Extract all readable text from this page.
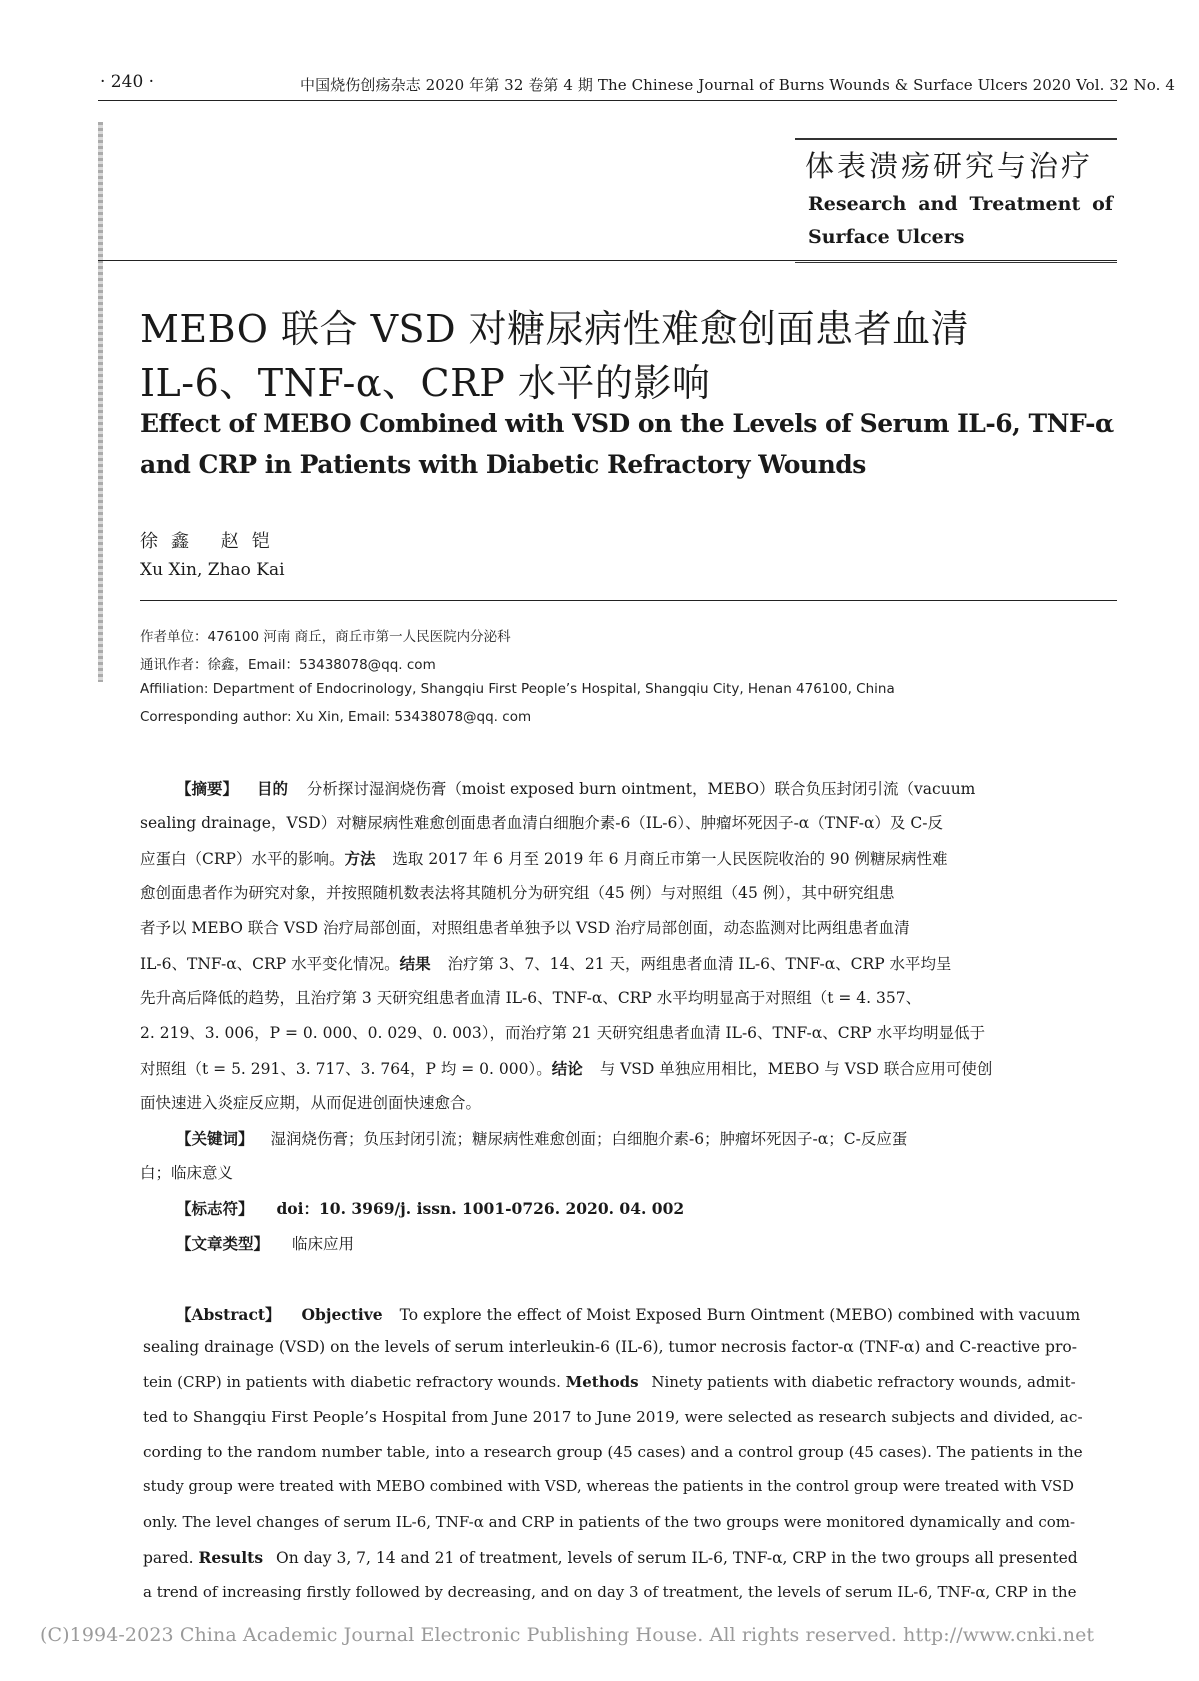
· 240 ·	中国烧伤创疡杂志 2020 年第 32 卷第 4 期 The Chinese Journal of Burns Wounds & Surface Ulcers 2020 Vol. 32 No. 4
体表溃疡研究与治疗
Research and Treatment of
Surface Ulcers
MEBO 联合 VSD 对糖尿病性难愈创面患者血清
IL-6、TNF-α、CRP 水平的影响
Effect of MEBO Combined with VSD on the Levels of Serum IL-6, TNF-α
and CRP in Patients with Diabetic Refractory Wounds
徐鑫 赵铠
Xu Xin, Zhao Kai
作者单位：476100 河南 商丘，商丘市第一人民医院内分泌科
通讯作者：徐鑫，Email：53438078@qq. com
Affiliation: Department of Endocrinology, Shangqiu First People’s Hospital, Shangqiu City, Henan 476100, China
Corresponding author: Xu Xin, Email: 53438078@qq. com
【摘要】 目的 分析探讨湿润烧伤膏（moist exposed burn ointment，MEBO）联合负压封闭引流（vacuum
sealing drainage，VSD）对糖尿病性难愈创面患者血清白细胞介素-6（IL-6）、肿瘤坏死因子-α（TNF-α）及 C-反
应蛋白（CRP）水平的影响。方法 选取 2017 年 6 月至 2019 年 6 月商丘市第一人民医院收治的 90 例糖尿病性难
愈创面患者作为研究对象，并按照随机数表法将其随机分为研究组（45 例）与对照组（45 例），其中研究组患
者予以 MEBO 联合 VSD 治疗局部创面，对照组患者单独予以 VSD 治疗局部创面，动态监测对比两组患者血清
IL-6、TNF-α、CRP 水平变化情况。结果 治疗第 3、7、14、21 天，两组患者血清 IL-6、TNF-α、CRP 水平均呈
先升高后降低的趋势，且治疗第 3 天研究组患者血清 IL-6、TNF-α、CRP 水平均明显高于对照组（t = 4. 357、
2. 219、3. 006，P = 0. 000、0. 029、0. 003），而治疗第 21 天研究组患者血清 IL-6、TNF-α、CRP 水平均明显低于
对照组（t = 5. 291、3. 717、3. 764，P 均 = 0. 000）。结论 与 VSD 单独应用相比，MEBO 与 VSD 联合应用可使创
面快速进入炎症反应期，从而促进创面快速愈合。
【关键词】 湿润烧伤膏；负压封闭引流；糖尿病性难愈创面；白细胞介素-6；肿瘤坏死因子-α；C-反应蛋
白；临床意义
【标志符】 doi：10. 3969/j. issn. 1001-0726. 2020. 04. 002
【文章类型】 临床应用
【Abstract】 Objective To explore the effect of Moist Exposed Burn Ointment (MEBO) combined with vacuum
sealing drainage (VSD) on the levels of serum interleukin-6 (IL-6), tumor necrosis factor-α (TNF-α) and C-reactive pro-
tein (CRP) in patients with diabetic refractory wounds. Methods Ninety patients with diabetic refractory wounds, admit-
ted to Shangqiu First People’s Hospital from June 2017 to June 2019, were selected as research subjects and divided, ac-
cording to the random number table, into a research group (45 cases) and a control group (45 cases). The patients in the
study group were treated with MEBO combined with VSD, whereas the patients in the control group were treated with VSD
only. The level changes of serum IL-6, TNF-α and CRP in patients of the two groups were monitored dynamically and com-
pared. Results On day 3, 7, 14 and 21 of treatment, levels of serum IL-6, TNF-α, CRP in the two groups all presented
a trend of increasing firstly followed by decreasing, and on day 3 of treatment, the levels of serum IL-6, TNF-α, CRP in the
(C)1994-2023 China Academic Journal Electronic Publishing House. All rights reserved. http://www.cnki.net
